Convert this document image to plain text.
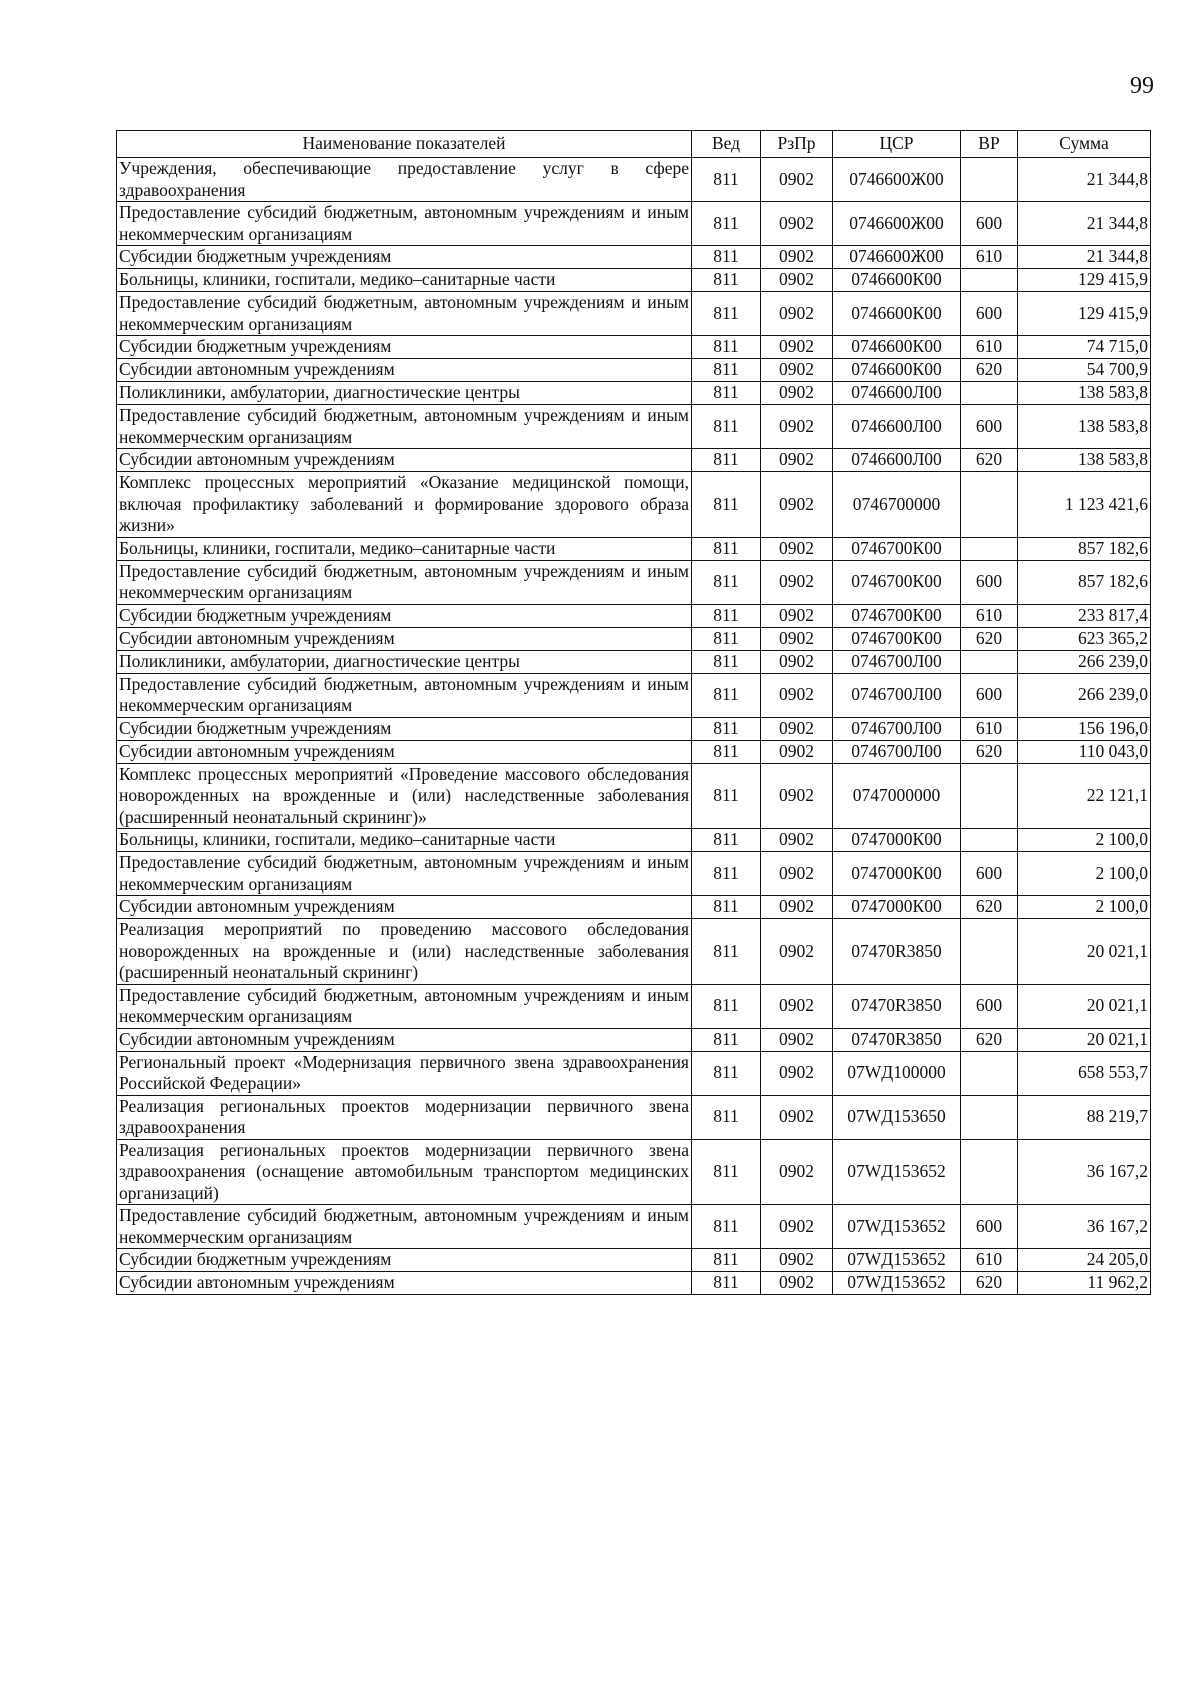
99
Наименование показателей	Вед	РзПр	ЦСР	ВР	Сумма
Учреждения, обеспечивающие предоставление услуг в сфере здравоохранения	811	0902	0746600Ж00		21 344,8
Предоставление субсидий бюджетным, автономным учреждениям и иным некоммерческим организациям	811	0902	0746600Ж00	600	21 344,8
Субсидии бюджетным учреждениям	811	0902	0746600Ж00	610	21 344,8
Больницы, клиники, госпитали, медико–санитарные части	811	0902	0746600К00		129 415,9
Предоставление субсидий бюджетным, автономным учреждениям и иным некоммерческим организациям	811	0902	0746600К00	600	129 415,9
Субсидии бюджетным учреждениям	811	0902	0746600К00	610	74 715,0
Субсидии автономным учреждениям	811	0902	0746600К00	620	54 700,9
Поликлиники, амбулатории, диагностические центры	811	0902	0746600Л00		138 583,8
Предоставление субсидий бюджетным, автономным учреждениям и иным некоммерческим организациям	811	0902	0746600Л00	600	138 583,8
Субсидии автономным учреждениям	811	0902	0746600Л00	620	138 583,8
Комплекс процессных мероприятий «Оказание медицинской помощи, включая профилактику заболеваний и формирование здорового образа жизни»	811	0902	0746700000		1 123 421,6
Больницы, клиники, госпитали, медико–санитарные части	811	0902	0746700К00		857 182,6
Предоставление субсидий бюджетным, автономным учреждениям и иным некоммерческим организациям	811	0902	0746700К00	600	857 182,6
Субсидии бюджетным учреждениям	811	0902	0746700К00	610	233 817,4
Субсидии автономным учреждениям	811	0902	0746700К00	620	623 365,2
Поликлиники, амбулатории, диагностические центры	811	0902	0746700Л00		266 239,0
Предоставление субсидий бюджетным, автономным учреждениям и иным некоммерческим организациям	811	0902	0746700Л00	600	266 239,0
Субсидии бюджетным учреждениям	811	0902	0746700Л00	610	156 196,0
Субсидии автономным учреждениям	811	0902	0746700Л00	620	110 043,0
Комплекс процессных мероприятий «Проведение массового обследования новорожденных на врожденные и (или) наследственные заболевания (расширенный неонатальный скрининг)»	811	0902	0747000000		22 121,1
Больницы, клиники, госпитали, медико–санитарные части	811	0902	0747000К00		2 100,0
Предоставление субсидий бюджетным, автономным учреждениям и иным некоммерческим организациям	811	0902	0747000К00	600	2 100,0
Субсидии автономным учреждениям	811	0902	0747000К00	620	2 100,0
Реализация мероприятий по проведению массового обследования новорожденных на врожденные и (или) наследственные заболевания (расширенный неонатальный скрининг)	811	0902	07470R3850		20 021,1
Предоставление субсидий бюджетным, автономным учреждениям и иным некоммерческим организациям	811	0902	07470R3850	600	20 021,1
Субсидии автономным учреждениям	811	0902	07470R3850	620	20 021,1
Региональный проект «Модернизация первичного звена здравоохранения Российской Федерации»	811	0902	07WД100000		658 553,7
Реализация региональных проектов модернизации первичного звена здравоохранения	811	0902	07WД153650		88 219,7
Реализация региональных проектов модернизации первичного звена здравоохранения (оснащение автомобильным транспортом медицинских организаций)	811	0902	07WД153652		36 167,2
Предоставление субсидий бюджетным, автономным учреждениям и иным некоммерческим организациям	811	0902	07WД153652	600	36 167,2
Субсидии бюджетным учреждениям	811	0902	07WД153652	610	24 205,0
Субсидии автономным учреждениям	811	0902	07WД153652	620	11 962,2
